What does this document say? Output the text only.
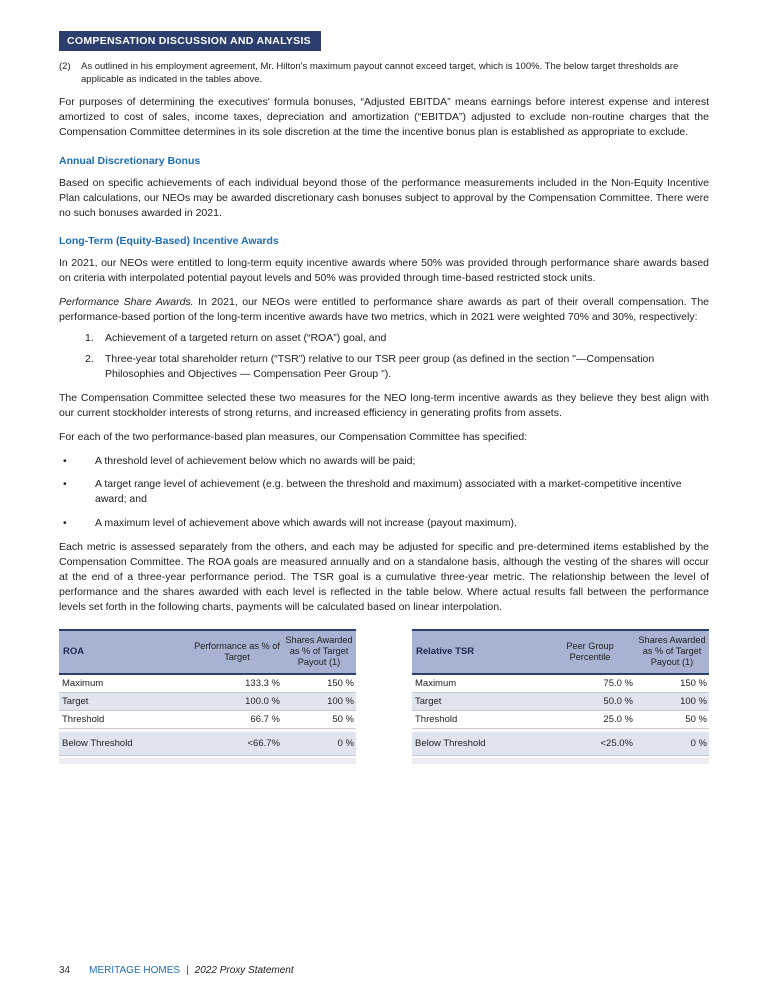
COMPENSATION DISCUSSION AND ANALYSIS
(2)	As outlined in his employment agreement, Mr. Hilton's maximum payout cannot exceed target, which is 100%. The below target thresholds are applicable as indicated in the tables above.

For purposes of determining the executives' formula bonuses, “Adjusted EBITDA” means earnings before interest expense and interest amortized to cost of sales, income taxes, depreciation and amortization (“EBITDA”) adjusted to exclude non-routine charges that the Compensation Committee determines in its sole discretion at the time the incentive bonus plan is established as appropriate to exclude.

Annual Discretionary Bonus

Based on specific achievements of each individual beyond those of the performance measurements included in the Non-Equity Incentive Plan calculations, our NEOs may be awarded discretionary cash bonuses subject to approval by the Compensation Committee. There were no such bonuses awarded in 2021.

Long-Term (Equity-Based) Incentive Awards

In 2021, our NEOs were entitled to long-term equity incentive awards where 50% was provided through performance share awards based on criteria with interpolated potential payout levels and 50% was provided through time-based restricted stock units.

Performance Share Awards. In 2021, our NEOs were entitled to performance share awards as part of their overall compensation. The performance-based portion of the long-term incentive awards have two metrics, which in 2021 were weighted 70% and 30%, respectively:

1.	Achievement of a targeted return on asset (“ROA”) goal, and
2.	Three-year total shareholder return (“TSR”) relative to our TSR peer group (as defined in the section "—Compensation Philosophies and Objectives — Compensation Peer Group ").

The Compensation Committee selected these two measures for the NEO long-term incentive awards as they believe they best align with our current stockholder interests of strong returns, and increased efficiency in generating profits from assets.

For each of the two performance-based plan measures, our Compensation Committee has specified:

•	A threshold level of achievement below which no awards will be paid;
•	A target range level of achievement (e.g. between the threshold and maximum) associated with a market-competitive incentive award; and
•	A maximum level of achievement above which awards will not increase (payout maximum).

Each metric is assessed separately from the others, and each may be adjusted for specific and pre-determined items established by the Compensation Committee. The ROA goals are measured annually and on a standalone basis, although the vesting of the shares will occur at the end of a three-year performance period. The TSR goal is a cumulative three-year metric. The relationship between the level of performance and the shares awarded with each level is reflected in the table below. Where actual results fall between the performance levels set forth in the following charts, payments will be calculated based on linear interpolation.

ROA
Performance as % of Target
Shares Awarded as % of Target Payout (1)
Maximum	133.3 %	150 %
Target	100.0 %	100 %
Threshold	66.7 %	50 %
Below Threshold	<66.7%	0 %
Relative TSR
Peer Group Percentile
Shares Awarded as % of Target Payout (1)
Maximum	75.0 %	150 %
Target	50.0 %	100 %
Threshold	25.0 %	50 %
Below Threshold	<25.0%	0 %
34 MERITAGE HOMES | 2022 Proxy Statement
